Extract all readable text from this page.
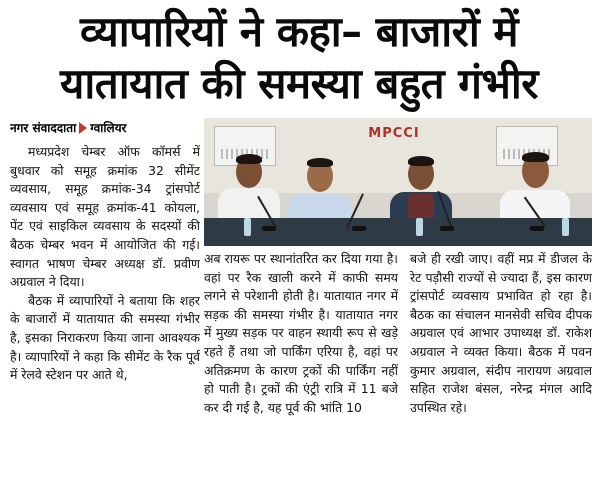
व्यापारियों ने कहा– बाजारों में
यातायात की समस्या बहुत गंभीर
नगर संवाददाता ग्वालियर

मध्यप्रदेश चेम्बर ऑफ कॉमर्स में बुधवार को समूह क्रमांक 32 सीमेंट व्यवसाय, समूह क्रमांक-34 ट्रांसपोर्ट व्यवसाय एवं समूह क्रमांक-41 कोयला, पेंट एवं साइकिल व्यवसाय के सदस्यों की बैठक चेम्बर भवन में आयोजित की गई। स्वागत भाषण चेम्बर अध्यक्ष डॉ. प्रवीण अग्रवाल ने दिया।

बैठक में व्यापारियों ने बताया कि शहर के बाजारों में यातायात की समस्या गंभीर है, इसका निराकरण किया जाना आवश्यक है। व्यापारियों ने कहा कि सीमेंट के रैक पूर्व में रेलवे स्टेशन पर आते थे,

MPCCI

अब रायरू पर स्थानांतरित कर दिया गया है। वहां पर रैक खाली करने में काफी समय लगने से परेशानी होती है। यातायात नगर में सड़क की समस्या गंभीर है। यातायात नगर में मुख्य सड़क पर वाहन स्थायी रूप से खड़े रहते हैं तथा जो पार्किंग एरिया है, वहां पर अतिक्रमण के कारण ट्रकों की पार्किंग नहीं हो पाती है। ट्रकों की एंट्री रात्रि में 11 बजे कर दी गई है, यह पूर्व की भांति 10

बजे ही रखी जाए। वहीं मप्र में डीजल के रेट पड़ौसी राज्यों से ज्यादा हैं, इस कारण ट्रांसपोर्ट व्यवसाय प्रभावित हो रहा है। बैठक का संचालन मानसेवी सचिव दीपक अग्रवाल एवं आभार उपाध्यक्ष डॉ. राकेश अग्रवाल ने व्यक्त किया। बैठक में पवन कुमार अग्रवाल, संदीप नारायण अग्रवाल सहित राजेश बंसल, नरेन्द्र मंगल आदि उपस्थित रहे।
